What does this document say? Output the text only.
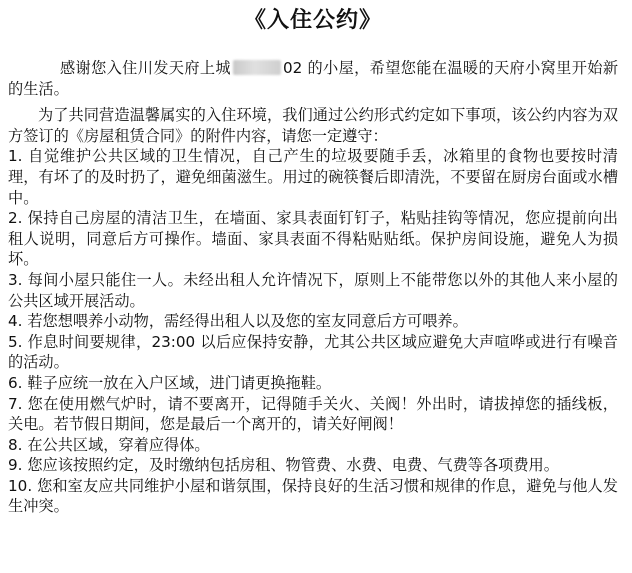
《入住公约》

感谢您入住川发天府上城	02 的小屋，希望您能在温暖的天府小窝里开始新的生活。

为了共同营造温馨属实的入住环境，我们通过公约形式约定如下事项，该公约内容为双方签订的《房屋租赁合同》的附件内容，请您一定遵守：

1. 自觉维护公共区域的卫生情况，自己产生的垃圾要随手丢，冰箱里的食物也要按时清理，有坏了的及时扔了，避免细菌滋生。用过的碗筷餐后即清洗，不要留在厨房台面或水槽中。

2. 保持自己房屋的清洁卫生，在墙面、家具表面钉钉子，粘贴挂钩等情况，您应提前向出租人说明，同意后方可操作。墙面、家具表面不得粘贴贴纸。保护房间设施，避免人为损坏。

3. 每间小屋只能住一人。未经出租人允许情况下，原则上不能带您以外的其他人来小屋的公共区域开展活动。

4. 若您想喂养小动物，需经得出租人以及您的室友同意后方可喂养。

5. 作息时间要规律，23:00 以后应保持安静，尤其公共区域应避免大声喧哗或进行有噪音的活动。

6. 鞋子应统一放在入户区域，进门请更换拖鞋。

7. 您在使用燃气炉时，请不要离开，记得随手关火、关阀！外出时，请拔掉您的插线板，关电。若节假日期间，您是最后一个离开的，请关好闸阀！

8. 在公共区域，穿着应得体。

9. 您应该按照约定，及时缴纳包括房租、物管费、水费、电费、气费等各项费用。

10. 您和室友应共同维护小屋和谐氛围，保持良好的生活习惯和规律的作息，避免与他人发生冲突。
